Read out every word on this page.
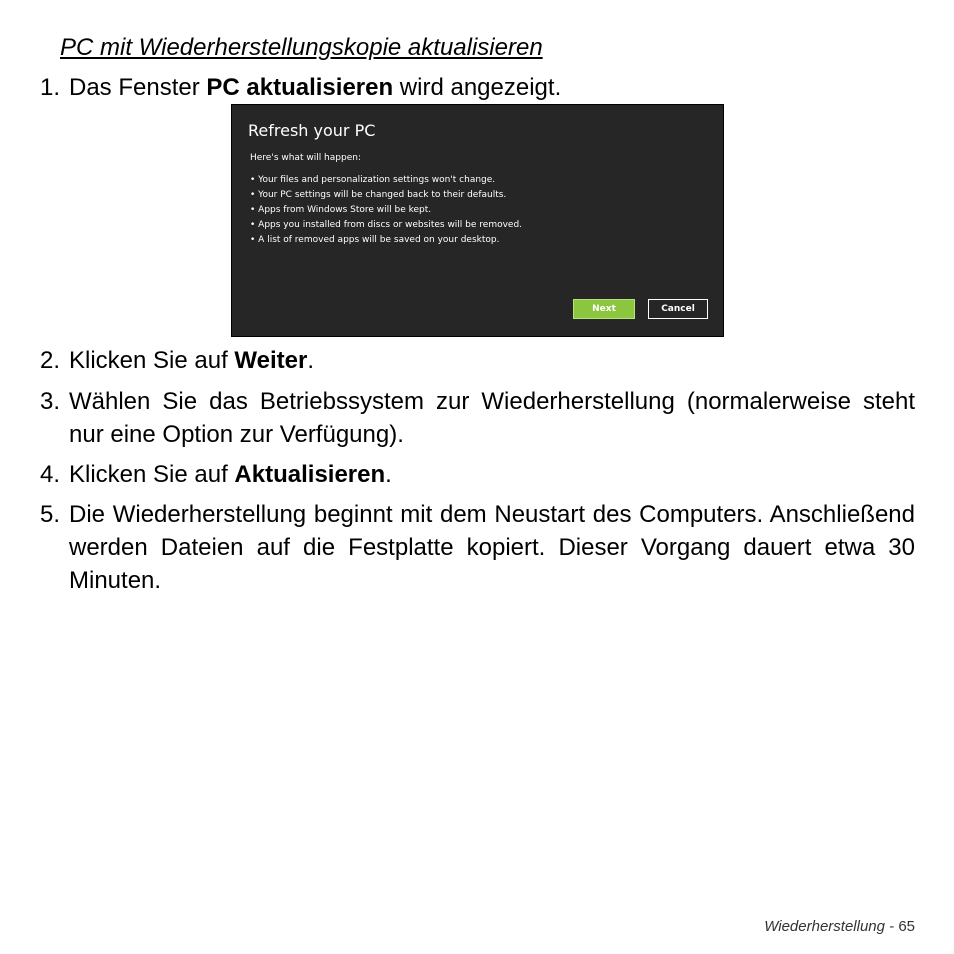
PC mit Wiederherstellungskopie aktualisieren
1. Das Fenster PC aktualisieren wird angezeigt.
Refresh your PC
Here's what will happen:
• Your files and personalization settings won't change.
• Your PC settings will be changed back to their defaults.
• Apps from Windows Store will be kept.
• Apps you installed from discs or websites will be removed.
• A list of removed apps will be saved on your desktop.
Next	Cancel
2. Klicken Sie auf Weiter.
3. Wählen Sie das Betriebssystem zur Wiederherstellung (normalerweise steht nur eine Option zur Verfügung).
4. Klicken Sie auf Aktualisieren.
5. Die Wiederherstellung beginnt mit dem Neustart des Computers. Anschließend werden Dateien auf die Festplatte kopiert. Dieser Vorgang dauert etwa 30 Minuten.
Wiederherstellung - 65
